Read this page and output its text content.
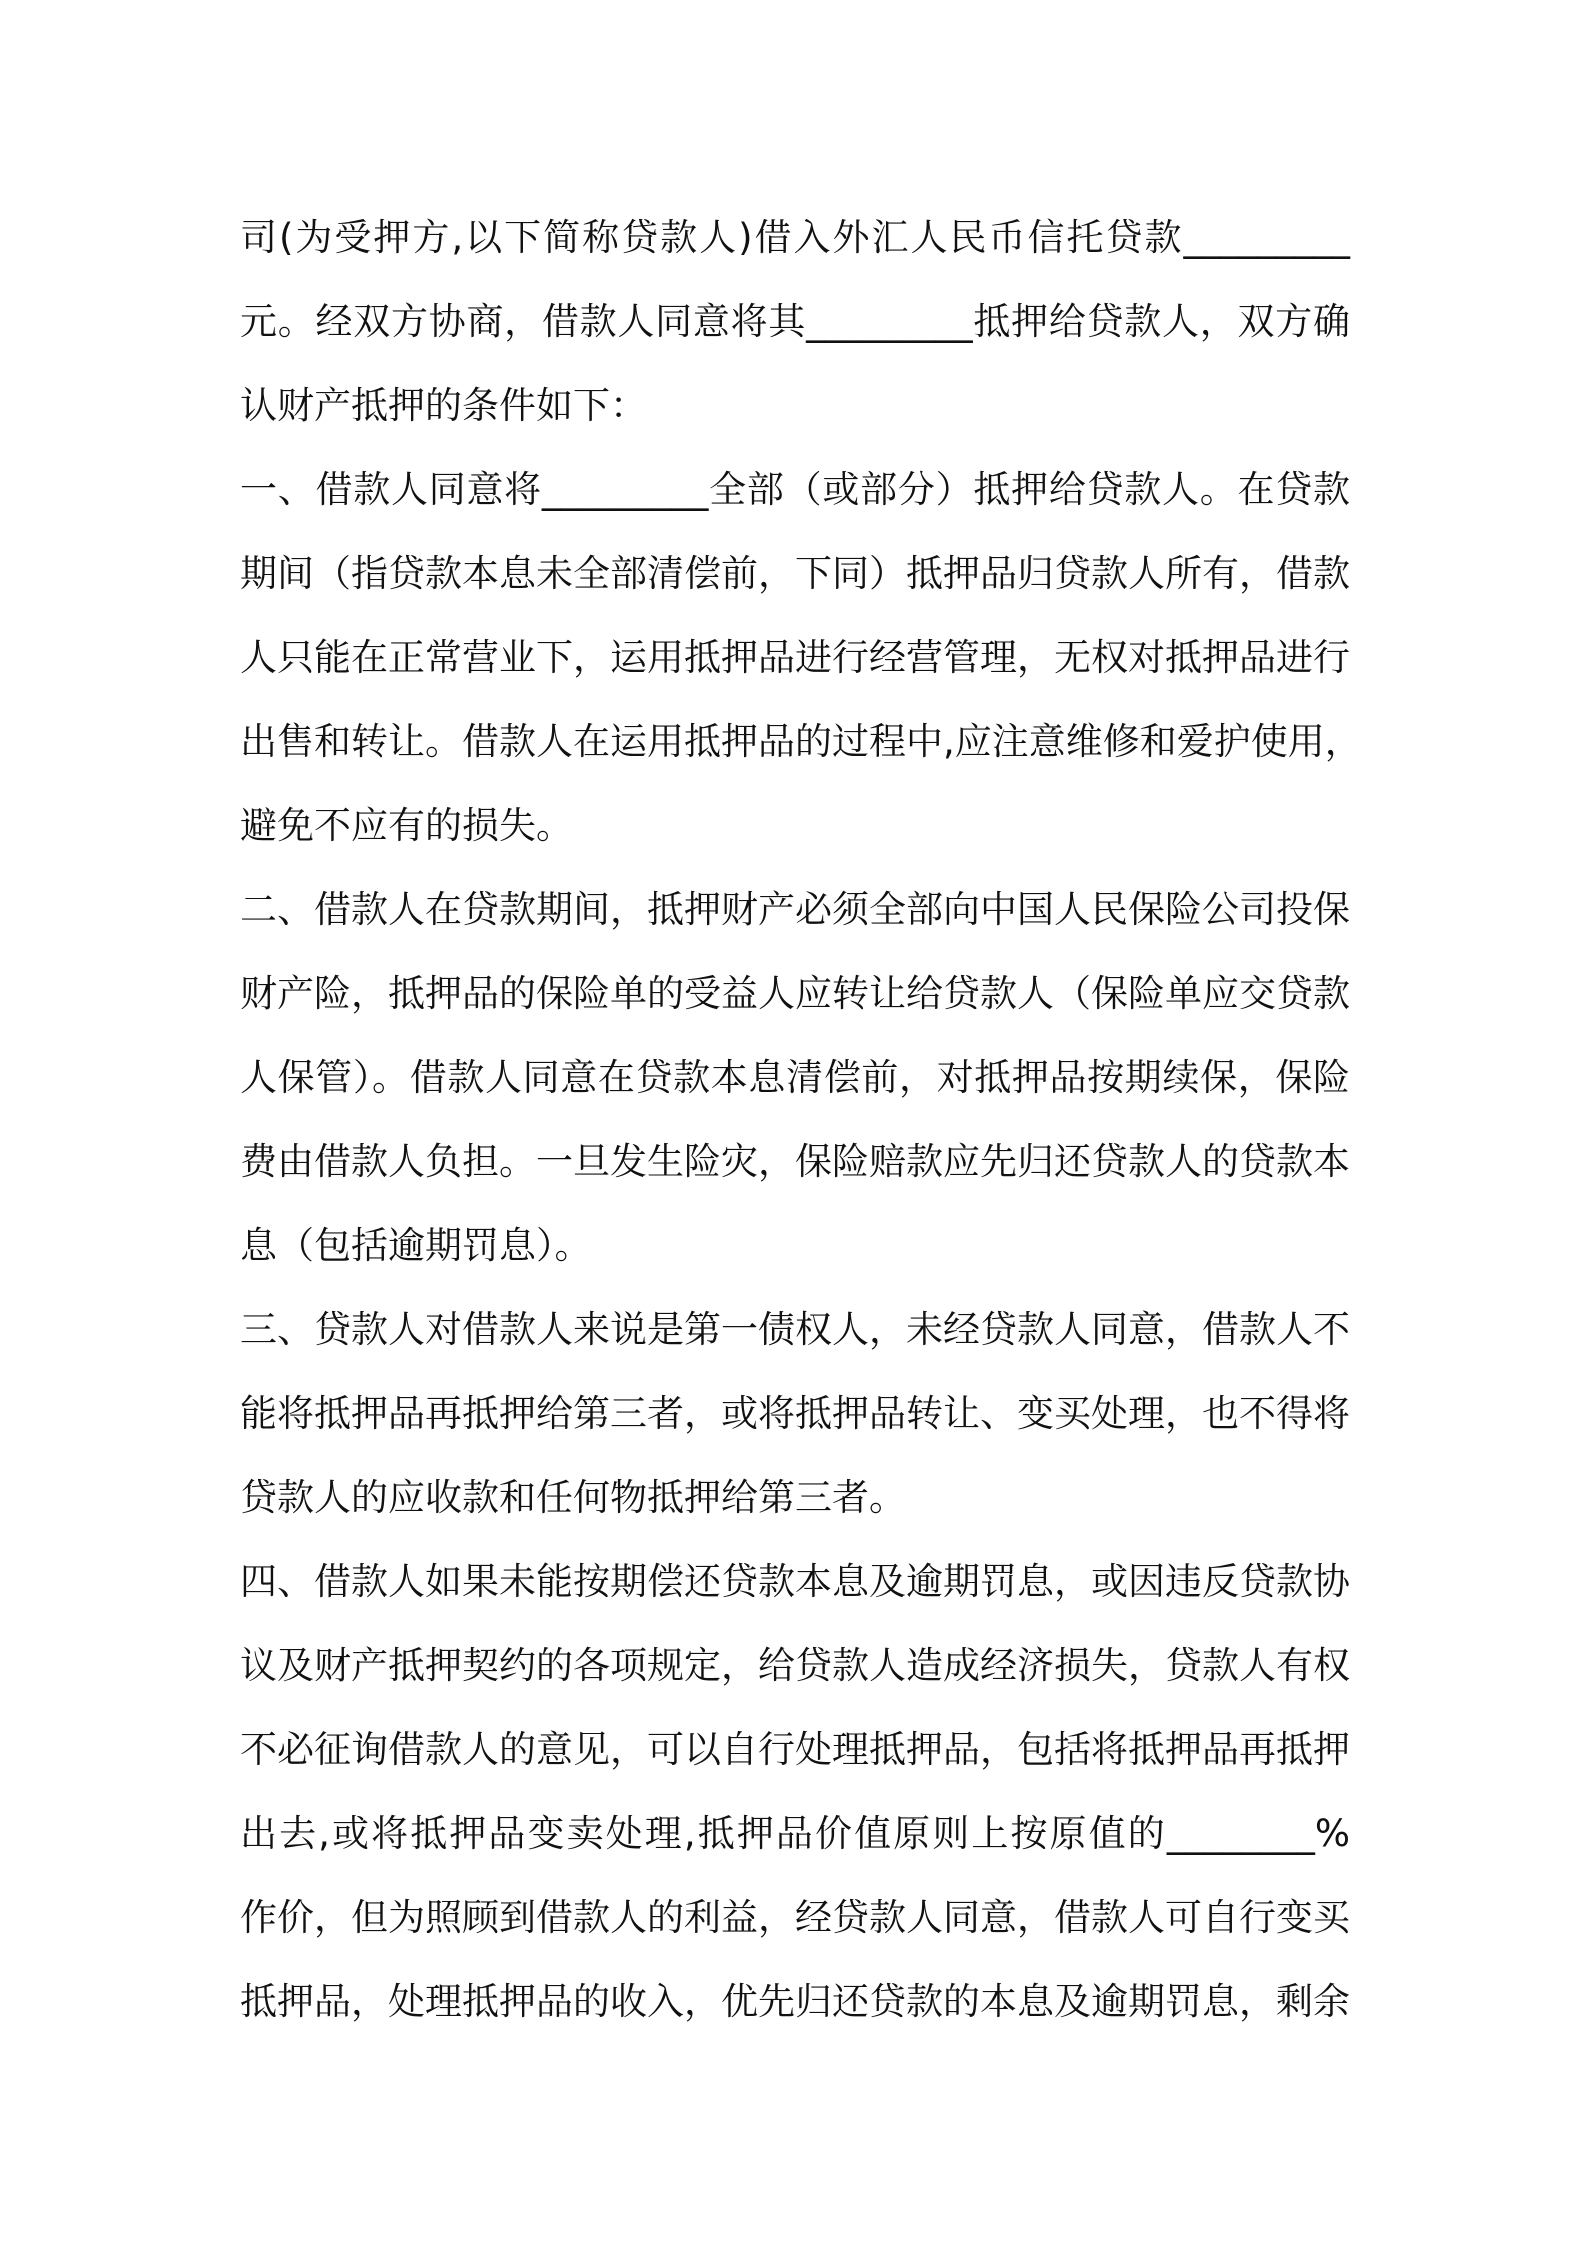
司(为受押方,以下简称贷款人)借入外汇人民币信托贷款_________
元。经双方协商，借款人同意将其_________抵押给贷款人，双方确
认财产抵押的条件如下：
一、借款人同意将_________全部（或部分）抵押给贷款人。在贷款
期间（指贷款本息未全部清偿前，下同）抵押品归贷款人所有，借款
人只能在正常营业下，运用抵押品进行经营管理，无权对抵押品进行
出售和转让。借款人在运用抵押品的过程中,应注意维修和爱护使用，
避免不应有的损失。
二、借款人在贷款期间，抵押财产必须全部向中国人民保险公司投保
财产险，抵押品的保险单的受益人应转让给贷款人（保险单应交贷款
人保管）。借款人同意在贷款本息清偿前，对抵押品按期续保，保险
费由借款人负担。一旦发生险灾，保险赔款应先归还贷款人的贷款本
息（包括逾期罚息）。
三、贷款人对借款人来说是第一债权人，未经贷款人同意，借款人不
能将抵押品再抵押给第三者，或将抵押品转让、变买处理，也不得将
贷款人的应收款和任何物抵押给第三者。
四、借款人如果未能按期偿还贷款本息及逾期罚息，或因违反贷款协
议及财产抵押契约的各项规定，给贷款人造成经济损失，贷款人有权
不必征询借款人的意见，可以自行处理抵押品，包括将抵押品再抵押
出去,或将抵押品变卖处理,抵押品价值原则上按原值的________%
作价，但为照顾到借款人的利益，经贷款人同意，借款人可自行变买
抵押品，处理抵押品的收入，优先归还贷款的本息及逾期罚息，剩余
